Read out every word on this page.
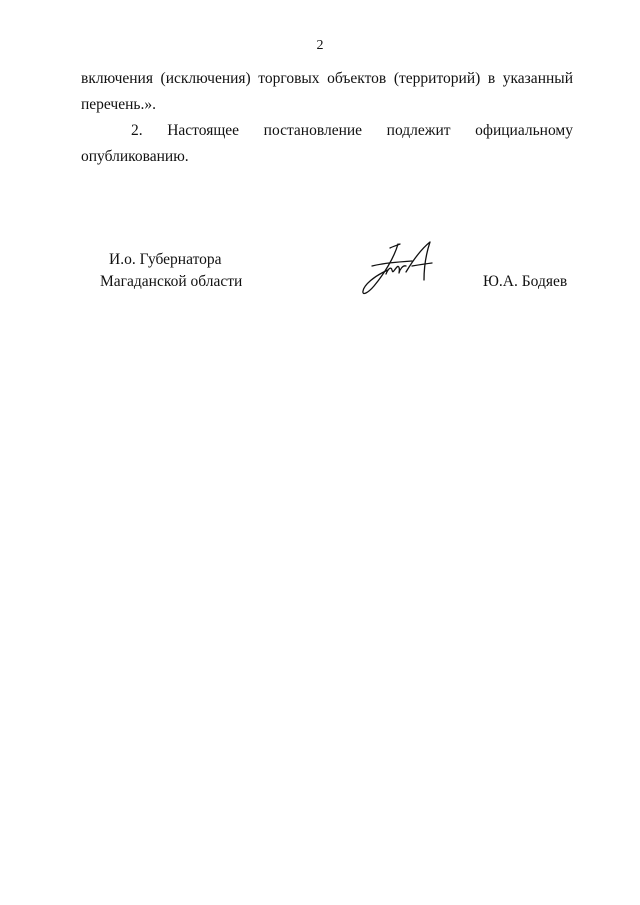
2
включения (исключения) торговых объектов (территорий) в указанный
перечень.».
2. Настоящее постановление подлежит официальному
опубликованию.
И.о. Губернатора
Магаданской области	Ю.А. Бодяев
